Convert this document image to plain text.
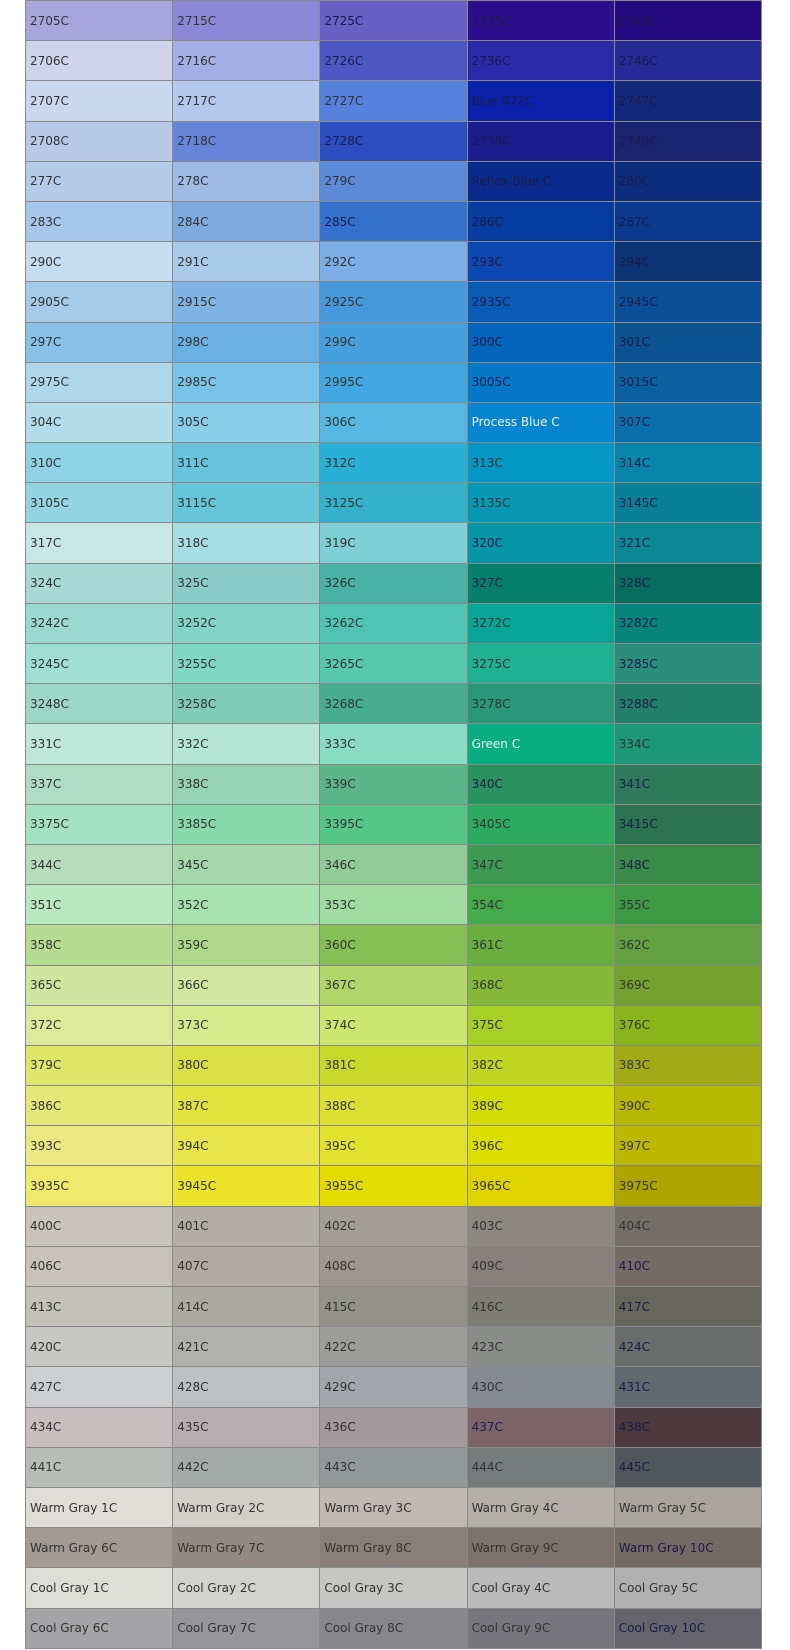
2705C	2715C	2725C	2735C	2745C
2706C	2716C	2726C	2736C	2746C
2707C	2717C	2727C	Blue 072C	2747C
2708C	2718C	2728C	2738C	2748C
277C	278C	279C	Reflex Blue C	280C
283C	284C	285C	286C	287C
290C	291C	292C	293C	294C
2905C	2915C	2925C	2935C	2945C
297C	298C	299C	300C	301C
2975C	2985C	2995C	3005C	3015C
304C	305C	306C	Process Blue C	307C
310C	311C	312C	313C	314C
3105C	3115C	3125C	3135C	3145C
317C	318C	319C	320C	321C
324C	325C	326C	327C	328C
3242C	3252C	3262C	3272C	3282C
3245C	3255C	3265C	3275C	3285C
3248C	3258C	3268C	3278C	3288C
331C	332C	333C	Green C	334C
337C	338C	339C	340C	341C
3375C	3385C	3395C	3405C	3415C
344C	345C	346C	347C	348C
351C	352C	353C	354C	355C
358C	359C	360C	361C	362C
365C	366C	367C	368C	369C
372C	373C	374C	375C	376C
379C	380C	381C	382C	383C
386C	387C	388C	389C	390C
393C	394C	395C	396C	397C
3935C	3945C	3955C	3965C	3975C
400C	401C	402C	403C	404C
406C	407C	408C	409C	410C
413C	414C	415C	416C	417C
420C	421C	422C	423C	424C
427C	428C	429C	430C	431C
434C	435C	436C	437C	438C
441C	442C	443C	444C	445C
Warm Gray 1C	Warm Gray 2C	Warm Gray 3C	Warm Gray 4C	Warm Gray 5C
Warm Gray 6C	Warm Gray 7C	Warm Gray 8C	Warm Gray 9C	Warm Gray 10C
Cool Gray 1C	Cool Gray 2C	Cool Gray 3C	Cool Gray 4C	Cool Gray 5C
Cool Gray 6C	Cool Gray 7C	Cool Gray 8C	Cool Gray 9C	Cool Gray 10C
